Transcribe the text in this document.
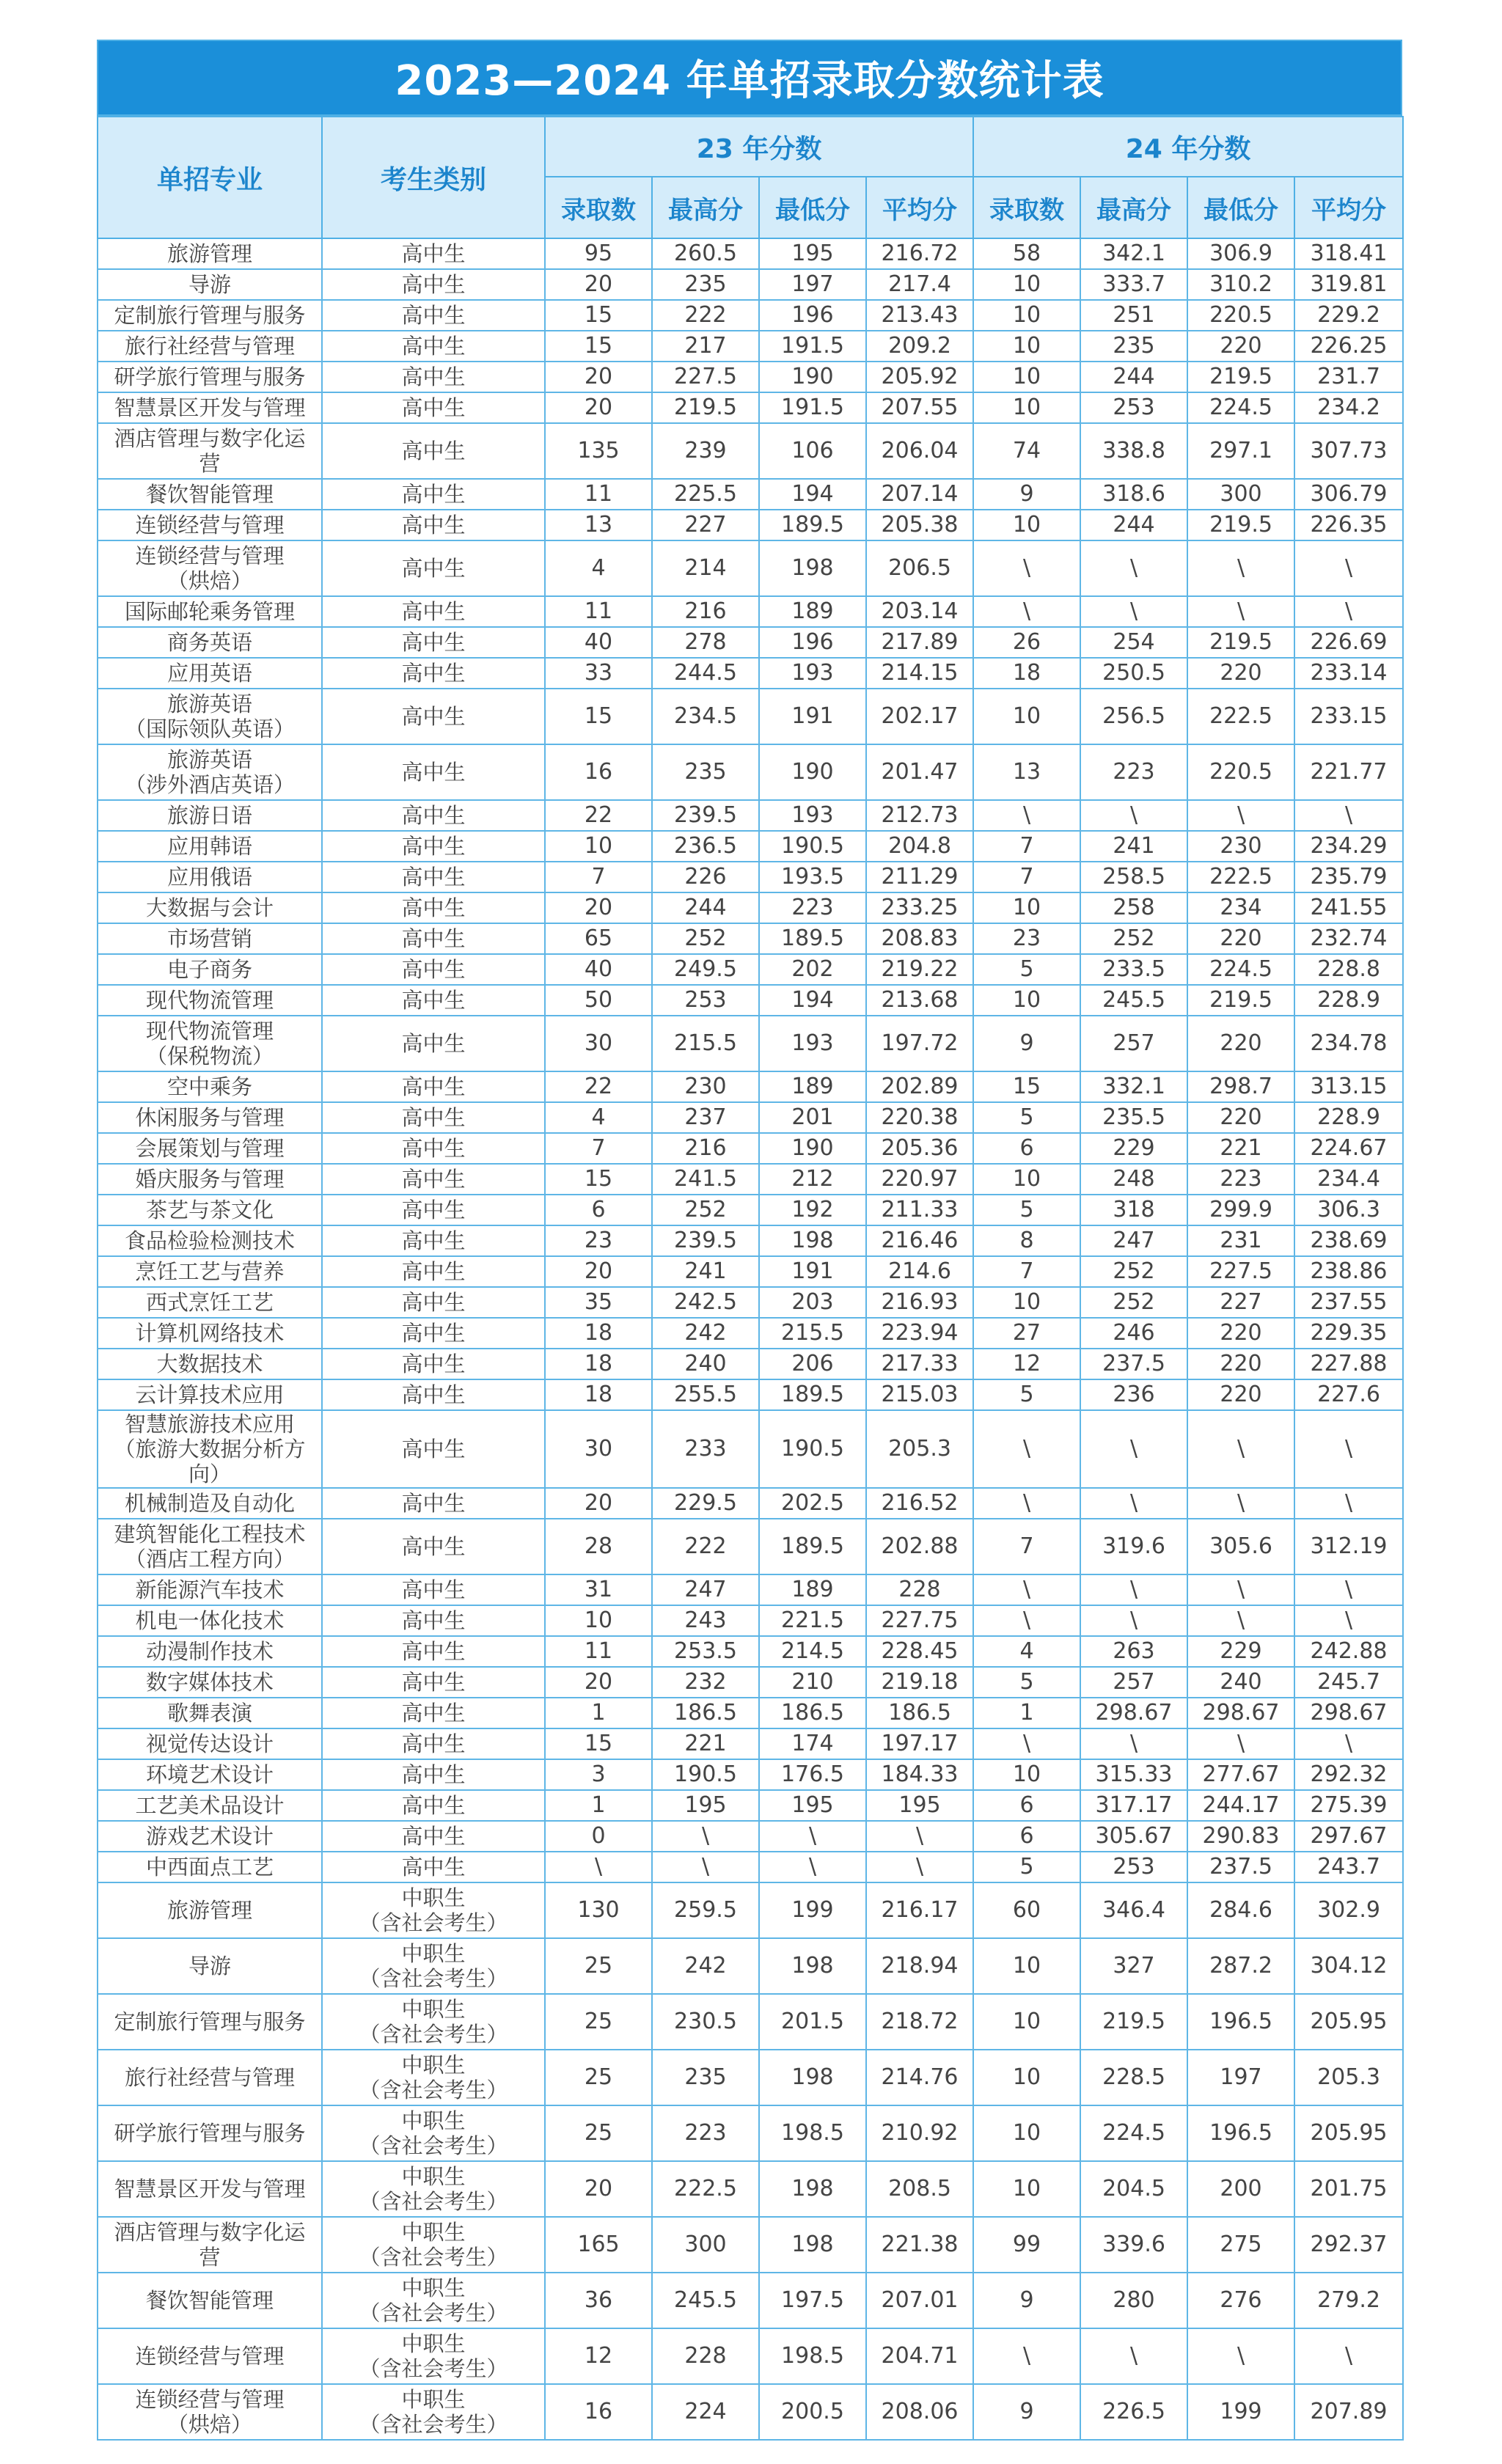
2023—2024 年单招录取分数统计表
单招专业	考生类别	23 年分数				24 年分数			
		录取数	最高分	最低分	平均分	录取数	最高分	最低分	平均分

旅游管理	高中生	95	260.5	195	216.72	58	342.1	306.9	318.41

导游	高中生	20	235	197	217.4	10	333.7	310.2	319.81

定制旅行管理与服务	高中生	15	222	196	213.43	10	251	220.5	229.2

旅行社经营与管理	高中生	15	217	191.5	209.2	10	235	220	226.25

研学旅行管理与服务	高中生	20	227.5	190	205.92	10	244	219.5	231.7

智慧景区开发与管理	高中生	20	219.5	191.5	207.55	10	253	224.5	234.2

酒店管理与数字化运
营	高中生	135	239	106	206.04	74	338.8	297.1	307.73

餐饮智能管理	高中生	11	225.5	194	207.14	9	318.6	300	306.79

连锁经营与管理	高中生	13	227	189.5	205.38	10	244	219.5	226.35

连锁经营与管理
（烘焙）	高中生	4	214	198	206.5	\	\	\	\

国际邮轮乘务管理	高中生	11	216	189	203.14	\	\	\	\

商务英语	高中生	40	278	196	217.89	26	254	219.5	226.69

应用英语	高中生	33	244.5	193	214.15	18	250.5	220	233.14

旅游英语
（国际领队英语）	高中生	15	234.5	191	202.17	10	256.5	222.5	233.15

旅游英语
（涉外酒店英语）	高中生	16	235	190	201.47	13	223	220.5	221.77

旅游日语	高中生	22	239.5	193	212.73	\	\	\	\

应用韩语	高中生	10	236.5	190.5	204.8	7	241	230	234.29

应用俄语	高中生	7	226	193.5	211.29	7	258.5	222.5	235.79

大数据与会计	高中生	20	244	223	233.25	10	258	234	241.55

市场营销	高中生	65	252	189.5	208.83	23	252	220	232.74

电子商务	高中生	40	249.5	202	219.22	5	233.5	224.5	228.8

现代物流管理	高中生	50	253	194	213.68	10	245.5	219.5	228.9

现代物流管理
（保税物流）	高中生	30	215.5	193	197.72	9	257	220	234.78

空中乘务	高中生	22	230	189	202.89	15	332.1	298.7	313.15

休闲服务与管理	高中生	4	237	201	220.38	5	235.5	220	228.9

会展策划与管理	高中生	7	216	190	205.36	6	229	221	224.67

婚庆服务与管理	高中生	15	241.5	212	220.97	10	248	223	234.4

茶艺与茶文化	高中生	6	252	192	211.33	5	318	299.9	306.3

食品检验检测技术	高中生	23	239.5	198	216.46	8	247	231	238.69

烹饪工艺与营养	高中生	20	241	191	214.6	7	252	227.5	238.86

西式烹饪工艺	高中生	35	242.5	203	216.93	10	252	227	237.55

计算机网络技术	高中生	18	242	215.5	223.94	27	246	220	229.35

大数据技术	高中生	18	240	206	217.33	12	237.5	220	227.88

云计算技术应用	高中生	18	255.5	189.5	215.03	5	236	220	227.6

智慧旅游技术应用
（旅游大数据分析方向）	高中生	30	233	190.5	205.3	\	\	\	\

机械制造及自动化	高中生	20	229.5	202.5	216.52	\	\	\	\

建筑智能化工程技术
（酒店工程方向）	高中生	28	222	189.5	202.88	7	319.6	305.6	312.19

新能源汽车技术	高中生	31	247	189	228	\	\	\	\

机电一体化技术	高中生	10	243	221.5	227.75	\	\	\	\

动漫制作技术	高中生	11	253.5	214.5	228.45	4	263	229	242.88

数字媒体技术	高中生	20	232	210	219.18	5	257	240	245.7

歌舞表演	高中生	1	186.5	186.5	186.5	1	298.67	298.67	298.67

视觉传达设计	高中生	15	221	174	197.17	\	\	\	\

环境艺术设计	高中生	3	190.5	176.5	184.33	10	315.33	277.67	292.32

工艺美术品设计	高中生	1	195	195	195	6	317.17	244.17	275.39

游戏艺术设计	高中生	0	\	\	\	6	305.67	290.83	297.67

中西面点工艺	高中生	\	\	\	\	5	253	237.5	243.7

旅游管理	中职生
（含社会考生）	130	259.5	199	216.17	60	346.4	284.6	302.9

导游	中职生
（含社会考生）	25	242	198	218.94	10	327	287.2	304.12

定制旅行管理与服务	中职生
（含社会考生）	25	230.5	201.5	218.72	10	219.5	196.5	205.95

旅行社经营与管理	中职生
（含社会考生）	25	235	198	214.76	10	228.5	197	205.3

研学旅行管理与服务	中职生
（含社会考生）	25	223	198.5	210.92	10	224.5	196.5	205.95

智慧景区开发与管理	中职生
（含社会考生）	20	222.5	198	208.5	10	204.5	200	201.75

酒店管理与数字化运
营	中职生
（含社会考生）	165	300	198	221.38	99	339.6	275	292.37

餐饮智能管理	中职生
（含社会考生）	36	245.5	197.5	207.01	9	280	276	279.2

连锁经营与管理	中职生
（含社会考生）	12	228	198.5	204.71	\	\	\	\

连锁经营与管理
（烘焙）	中职生
（含社会考生）	16	224	200.5	208.06	9	226.5	199	207.89
